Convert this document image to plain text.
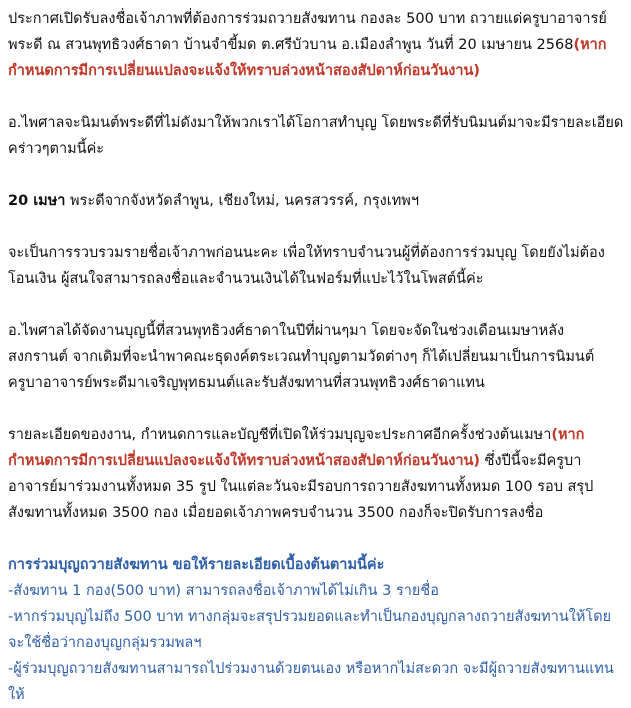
ประกาศเปิดรับลงชื่อเจ้าภาพที่ต้องการร่วมถวายสังฆทาน กองละ 500 บาท ถวายแด่ครูบาอาจารย์พระดี ณ สวนพุทธิวงศ์ธาดา บ้านจำขี้มด ต.ศรีบัวบาน อ.เมืองลำพูน วันที่ 20 เมษายน 2568(หากกำหนดการมีการเปลี่ยนแปลงจะแจ้งให้ทราบล่วงหน้าสองสัปดาห์ก่อนวันงาน)

อ.ไพศาลจะนิมนต์พระดีที่ไม่ดังมาให้พวกเราได้โอกาสทำบุญ โดยพระดีที่รับนิมนต์มาจะมีรายละเอียดคร่าวๆตามนี้ค่ะ

20 เมษา พระดีจากจังหวัดลำพูน, เชียงใหม่, นครสวรรค์, กรุงเทพฯ

จะเป็นการรวบรวมรายชื่อเจ้าภาพก่อนนะคะ เพื่อให้ทราบจำนวนผู้ที่ต้องการร่วมบุญ โดยยังไม่ต้องโอนเงิน ผู้สนใจสามารถลงชื่อและจำนวนเงินได้ในฟอร์มที่แปะไว้ในโพสต์นี้ค่ะ

อ.ไพศาลได้จัดงานบุญนี้ที่สวนพุทธิวงศ์ธาดาในปีที่ผ่านๆมา โดยจะจัดในช่วงเดือนเมษาหลังสงกรานต์ จากเดิมที่จะนำพาคณะธุดงค์ตระเวณทำบุญตามวัดต่างๆ ก็ได้เปลี่ยนมาเป็นการนิมนต์ครูบาอาจารย์พระดีมาเจริญพุทธมนต์และรับสังฆทานที่สวนพุทธิวงศ์ธาดาแทน

รายละเอียดของงาน, กำหนดการและบัญชีที่เปิดให้ร่วมบุญจะประกาศอีกครั้งช่วงต้นเมษา(หากกำหนดการมีการเปลี่ยนแปลงจะแจ้งให้ทราบล่วงหน้าสองสัปดาห์ก่อนวันงาน) ซึ่งปีนี้จะมีครูบาอาจารย์มาร่วมงานทั้งหมด 35 รูป ในแต่ละวันจะมีรอบการถวายสังฆทานทั้งหมด 100 รอบ สรุปสังฆทานทั้งหมด 3500 กอง เมื่อยอดเจ้าภาพครบจำนวน 3500 กองก็จะปิดรับการลงชื่อ

การร่วมบุญถวายสังฆทาน ขอให้รายละเอียดเบื้องต้นตามนี้ค่ะ

-สังฆทาน 1 กอง(500 บาท) สามารถลงชื่อเจ้าภาพได้ไม่เกิน 3 รายชื่อ

-หากร่วมบุญไม่ถึง 500 บาท ทางกลุ่มจะสรุปรวมยอดและทำเป็นกองบุญกลางถวายสังฆทานให้โดยจะใช้ชื่อว่ากองบุญกลุ่มรวมพลฯ

-ผู้ร่วมบุญถวายสังฆทานสามารถไปร่วมงานด้วยตนเอง หรือหากไม่สะดวก จะมีผู้ถวายสังฆทานแทนให้
